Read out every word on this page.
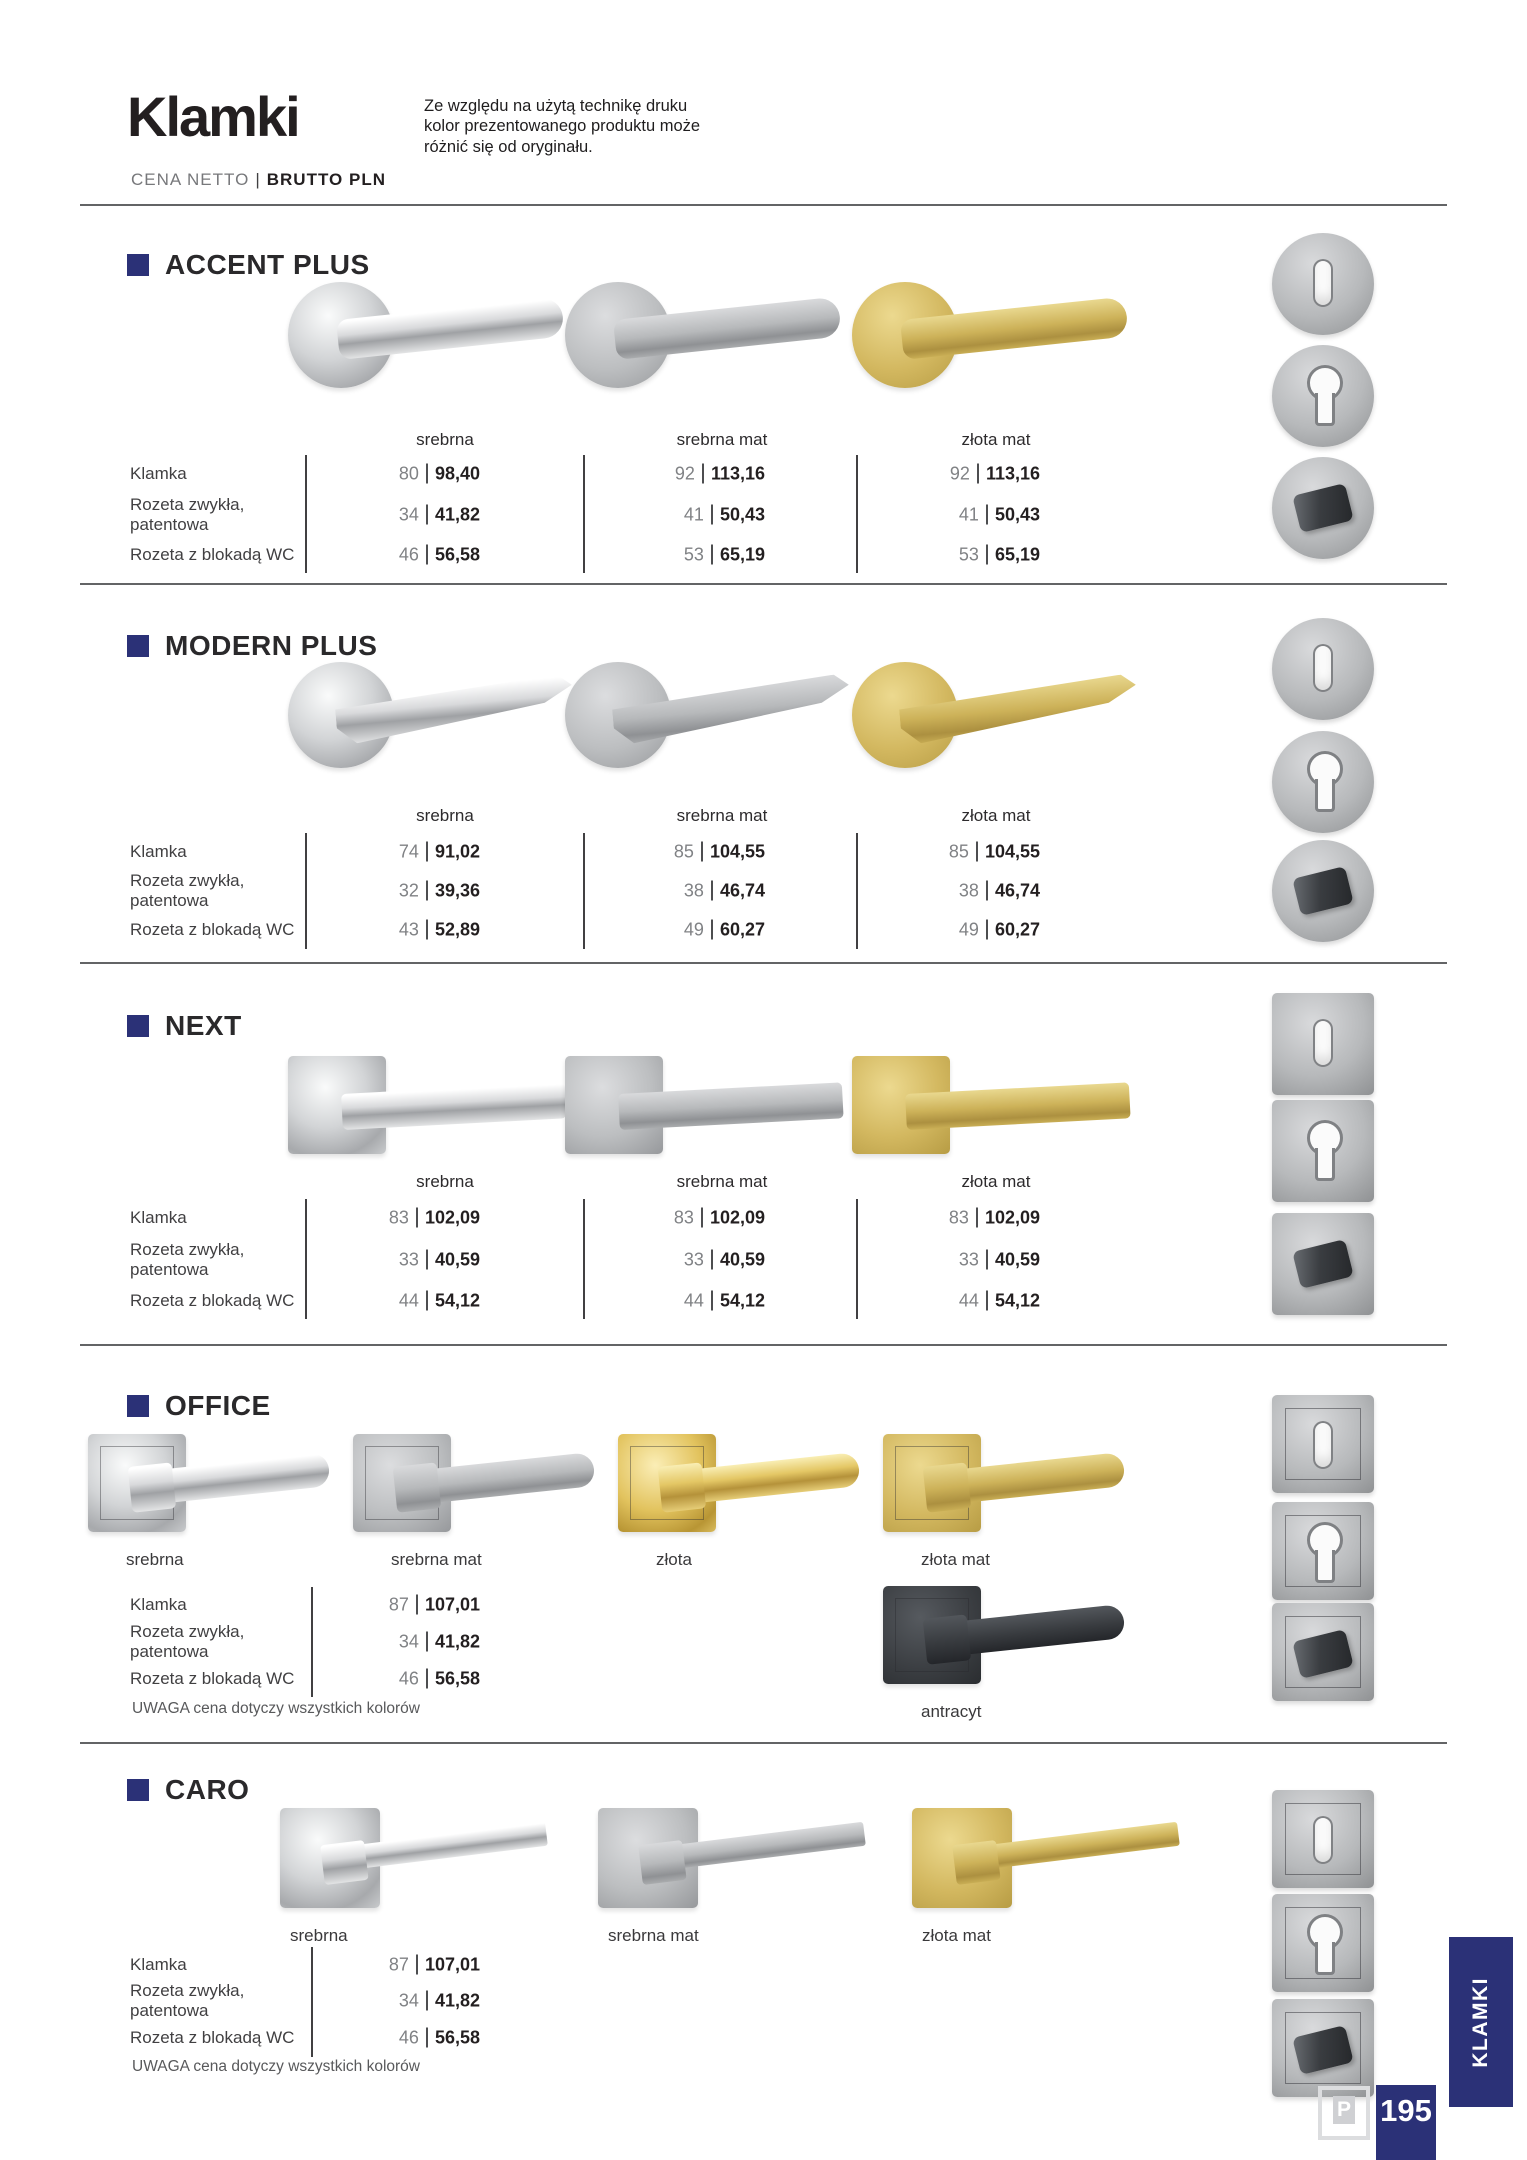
Klamki	Ze względu na użytą technikę druku kolor prezentowanego produktu może różnić się od oryginału.
CENA NETTO | BRUTTO PLN
ACCENT PLUS
srebrna	srebrna mat	złota mat
Klamka	80 98,40	92 113,16	92 113,16
Rozeta zwykła, patentowa	34 41,82	41 50,43	41 50,43
Rozeta z blokadą WC	46 56,58	53 65,19	53 65,19
MODERN PLUS
srebrna	srebrna mat	złota mat
Klamka	74 91,02	85 104,55	85 104,55
Rozeta zwykła, patentowa	32 39,36	38 46,74	38 46,74
Rozeta z blokadą WC	43 52,89	49 60,27	49 60,27
NEXT
srebrna	srebrna mat	złota mat
Klamka	83 102,09	83 102,09	83 102,09
Rozeta zwykła, patentowa	33 40,59	33 40,59	33 40,59
Rozeta z blokadą WC	44 54,12	44 54,12	44 54,12
OFFICE
srebrna	srebrna mat	złota	złota mat
Klamka	87 107,01
Rozeta zwykła, patentowa	34 41,82
Rozeta z blokadą WC	46 56,58
UWAGA cena dotyczy wszystkich kolorów	antracyt
CARO
srebrna	srebrna mat	złota mat
Klamka	87 107,01
Rozeta zwykła, patentowa	34 41,82
Rozeta z blokadą WC	46 56,58
UWAGA cena dotyczy wszystkich kolorów
P 195
KLAMKI
